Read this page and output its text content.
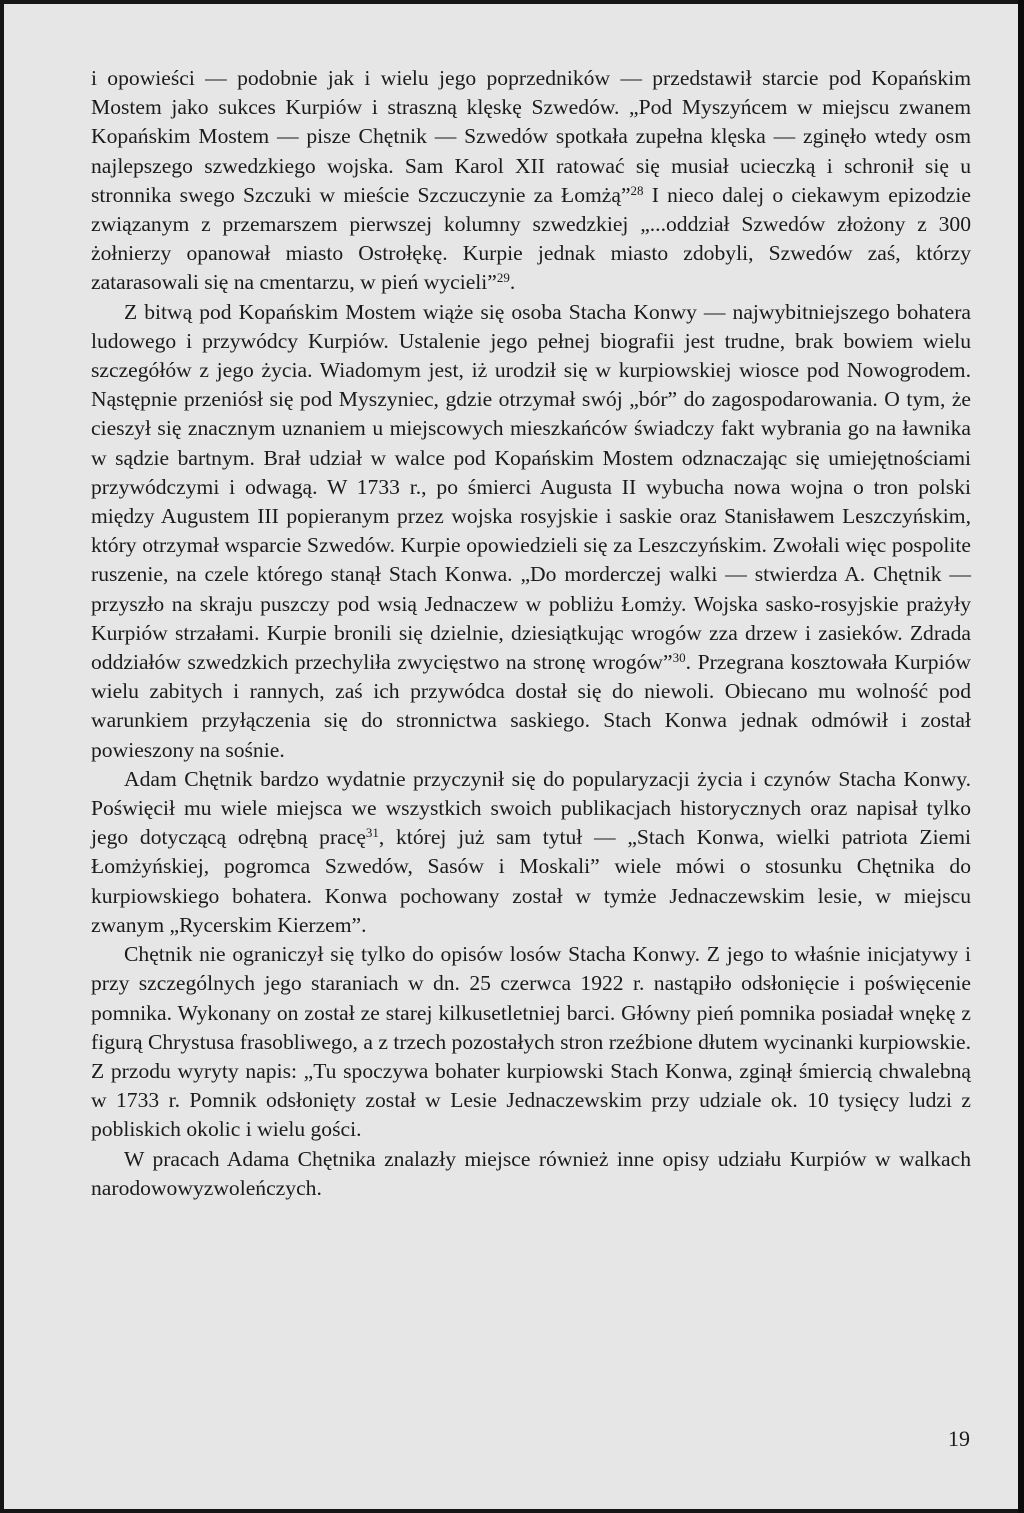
i opowieści — podobnie jak i wielu jego poprzedników — przedstawił starcie pod Kopańskim Mostem jako sukces Kurpiów i straszną klęskę Szwedów. „Pod Myszyńcem w miejscu zwanem Kopańskim Mostem — pisze Chętnik — Szwedów spotkała zupełna klęska — zginęło wtedy osm najlepszego szwedzkiego wojska. Sam Karol XII ratować się musiał ucieczką i schronił się u stronnika swego Szczuki w mieście Szczuczynie za Łomżą”$^{28}$ I nieco dalej o ciekawym epizodzie związanym z przemarszem pierwszej kolumny szwedzkiej „...oddział Szwedów złożony z 300 żołnierzy opanował miasto Ostrołękę. Kurpie jednak miasto zdobyli, Szwedów zaś, którzy zatarasowali się na cmentarzu, w pień wycieli”$^{29}$.

Z bitwą pod Kopańskim Mostem wiąże się osoba Stacha Konwy — najwybitniejszego bohatera ludowego i przywódcy Kurpiów. Ustalenie jego pełnej biografii jest trudne, brak bowiem wielu szczegółów z jego życia. Wiadomym jest, iż urodził się w kurpiowskiej wiosce pod Nowogrodem. Nąstępnie przeniósł się pod Myszyniec, gdzie otrzymał swój „bór” do zagospodarowania. O tym, że cieszył się znacznym uznaniem u miejscowych mieszkańców świadczy fakt wybrania go na ławnika w sądzie bartnym. Brał udział w walce pod Kopańskim Mostem odznaczając się umiejętnościami przywódczymi i odwagą. W 1733 r., po śmierci Augusta II wybucha nowa wojna o tron polski między Augustem III popieranym przez wojska rosyjskie i saskie oraz Stanisławem Leszczyńskim, który otrzymał wsparcie Szwedów. Kurpie opowiedzieli się za Leszczyńskim. Zwołali więc pospolite ruszenie, na czele którego stanął Stach Konwa. „Do morderczej walki — stwierdza A. Chętnik — przyszło na skraju puszczy pod wsią Jednaczew w pobliżu Łomży. Wojska sasko-rosyjskie prażyły Kurpiów strzałami. Kurpie bronili się dzielnie, dziesiątkując wrogów zza drzew i zasieków. Zdrada oddziałów szwedzkich przechyliła zwycięstwo na stronę wrogów”$^{30}$. Przegrana kosztowała Kurpiów wielu zabitych i rannych, zaś ich przywódca dostał się do niewoli. Obiecano mu wolność pod warunkiem przyłączenia się do stronnictwa saskiego. Stach Konwa jednak odmówił i został powieszony na sośnie.

Adam Chętnik bardzo wydatnie przyczynił się do popularyzacji życia i czynów Stacha Konwy. Poświęcił mu wiele miejsca we wszystkich swoich publikacjach historycznych oraz napisał tylko jego dotyczącą odrębną pracę$^{31}$, której już sam tytuł — „Stach Konwa, wielki patriota Ziemi Łomżyńskiej, pogromca Szwedów, Sasów i Moskali” wiele mówi o stosunku Chętnika do kurpiowskiego bohatera. Konwa pochowany został w tymże Jednaczewskim lesie, w miejscu zwanym „Rycerskim Kierzem”.

Chętnik nie ograniczył się tylko do opisów losów Stacha Konwy. Z jego to właśnie inicjatywy i przy szczególnych jego staraniach w dn. 25 czerwca 1922 r. nastąpiło odsłonięcie i poświęcenie pomnika. Wykonany on został ze starej kilkusetletniej barci. Główny pień pomnika posiadał wnękę z figurą Chrystusa frasobliwego, a z trzech pozostałych stron rzeźbione dłutem wycinanki kurpiowskie. Z przodu wyryty napis: „Tu spoczywa bohater kurpiowski Stach Konwa, zginął śmiercią chwalebną w 1733 r. Pomnik odsłonięty został w Lesie Jednaczewskim przy udziale ok. 10 tysięcy ludzi z pobliskich okolic i wielu gości.

W pracach Adama Chętnika znalazły miejsce również inne opisy udziału Kurpiów w walkach narodowowyzwoleńczych.

19
